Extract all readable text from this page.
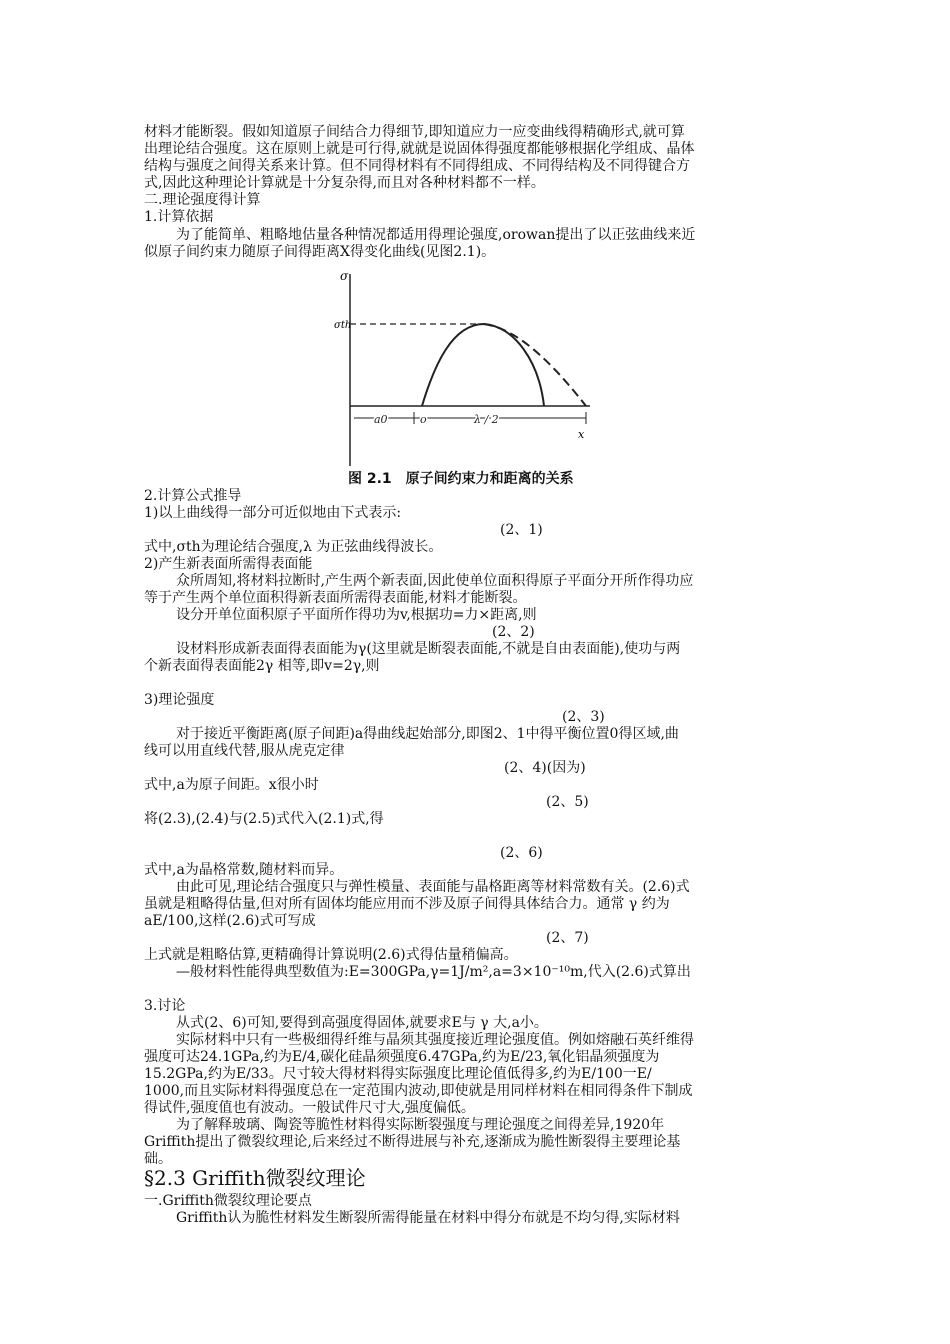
材料才能断裂。假如知道原子间结合力得细节,即知道应力一应变曲线得精确形式,就可算
出理论结合强度。这在原则上就是可行得,就就是说固体得强度都能够根据化学组成、晶体
结构与强度之间得关系来计算。但不同得材料有不同得组成、不同得结构及不同得键合方
式,因此这种理论计算就是十分复杂得,而且对各种材料都不一样。
二.理论强度得计算
1.计算依据
为了能简单、粗略地估量各种情况都适用得理论强度,orowan提出了以正弦曲线来近
似原子间约束力随原子间得距离X得变化曲线(见图2.1)。
σ
σth
a0	o	λ / 2
x
图 2.1　原子间约束力和距离的关系
2.计算公式推导
1)以上曲线得一部分可近似地由下式表示:
(2、1)
式中,σth为理论结合强度,λ 为正弦曲线得波长。
2)产生新表面所需得表面能
众所周知,将材料拉断时,产生两个新表面,因此使单位面积得原子平面分开所作得功应
等于产生两个单位面积得新表面所需得表面能,材料才能断裂。
设分开单位面积原子平面所作得功为v,根据功=力×距离,则
(2、2)
设材料形成新表面得表面能为γ(这里就是断裂表面能,不就是自由表面能),使功与两
个新表面得表面能2γ 相等,即v=2γ,则
3)理论强度
(2、3)
对于接近平衡距离(原子间距)a得曲线起始部分,即图2、1中得平衡位置0得区域,曲
线可以用直线代替,服从虎克定律
(2、4)(因为)
式中,a为原子间距。x很小时
(2、5)
将(2.3),(2.4)与(2.5)式代入(2.1)式,得
(2、6)
式中,a为晶格常数,随材料而异。
由此可见,理论结合强度只与弹性模量、表面能与晶格距离等材料常数有关。(2.6)式
虽就是粗略得估量,但对所有固体均能应用而不涉及原子间得具体结合力。通常 γ 约为
aE/100,这样(2.6)式可写成
(2、7)
上式就是粗略估算,更精确得计算说明(2.6)式得估量稍偏高。
—般材料性能得典型数值为:E=300GPa,γ=1J/m²,a=3×10⁻¹⁰m,代入(2.6)式算出
3.讨论
从式(2、6)可知,要得到高强度得固体,就要求E与 γ 大,a小。
实际材料中只有一些极细得纤维与晶须其强度接近理论强度值。例如熔融石英纤维得
强度可达24.1GPa,约为E/4,碳化硅晶须强度6.47GPa,约为E/23,氧化铝晶须强度为
15.2GPa,约为E/33。尺寸较大得材料得实际强度比理论值低得多,约为E/100一E/
1000,而且实际材料得强度总在一定范围内波动,即使就是用同样材料在相同得条件下制成
得试件,强度值也有波动。一般试件尺寸大,强度偏低。
为了解释玻璃、陶瓷等脆性材料得实际断裂强度与理论强度之间得差异,1920年
Griffith提出了微裂纹理论,后来经过不断得进展与补充,逐渐成为脆性断裂得主要理论基
础。
§2.3 Griffith微裂纹理论
一.Griffith微裂纹理论要点
Griffith认为脆性材料发生断裂所需得能量在材料中得分布就是不均匀得,实际材料
